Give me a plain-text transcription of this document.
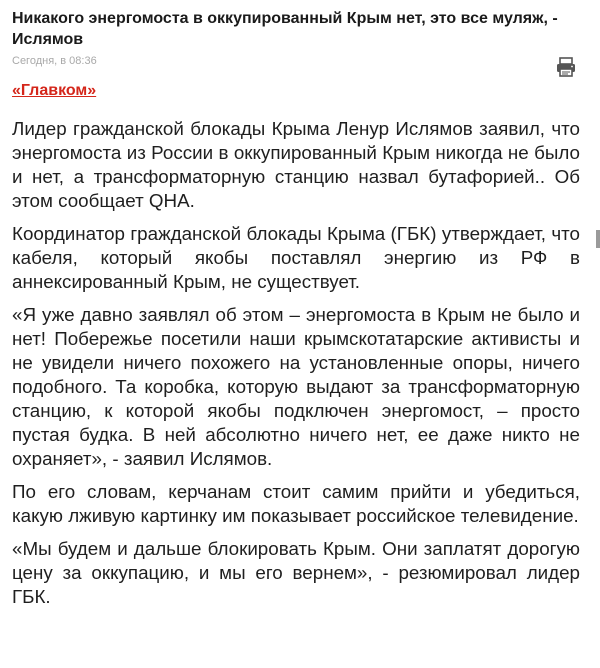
Никакого энергомоста в оккупированный Крым нет, это все муляж, - Ислямов
Сегодня, в 08:36
«Главком»

Лидер гражданской блокады Крыма Ленур Ислямов заявил, что энергомоста из России в оккупированный Крым никогда не было и нет, а трансформаторную станцию назвал бутафорией.. Об этом сообщает QHA.

Координатор гражданской блокады Крыма (ГБК) утверждает, что кабеля, который якобы поставлял энергию из РФ в аннексированный Крым, не существует.

«Я уже давно заявлял об этом – энергомоста в Крым не было и нет! Побережье посетили наши крымскотатарские активисты и не увидели ничего похожего на установленные опоры, ничего подобного. Та коробка, которую выдают за трансформаторную станцию, к которой якобы подключен энергомост, – просто пустая будка. В ней абсолютно ничего нет, ее даже никто не охраняет», - заявил Ислямов.

По его словам, керчанам стоит самим прийти и убедиться, какую лживую картинку им показывает российское телевидение.

«Мы будем и дальше блокировать Крым. Они заплатят дорогую цену за оккупацию, и мы его вернем», - резюмировал лидер ГБК.
